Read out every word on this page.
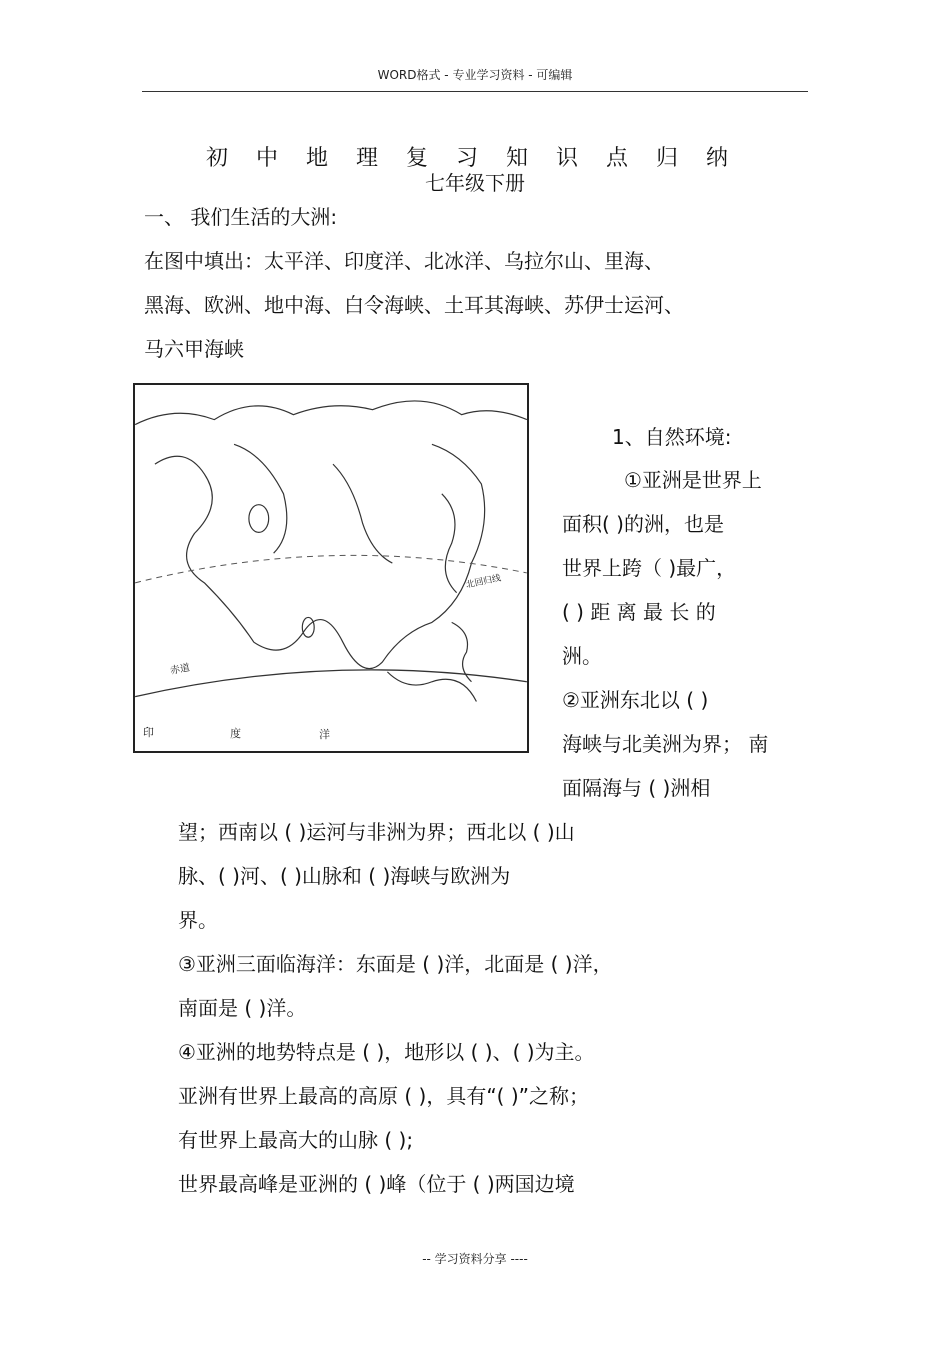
WORD格式 - 专业学习资料 - 可编辑
初中地理复习知识点归纳
七年级下册
一、 我们生活的大洲:
在图中填出：太平洋、印度洋、北冰洋、乌拉尔山、里海、
黑海、欧洲、地中海、白令海峡、土耳其海峡、苏伊士运河、
马六甲海峡
赤道
北回归线
印	度	洋
1、自然环境:
①亚洲是世界上
面积( )的洲，也是
世界上跨（ )最广，
( ) 距 离 最 长 的
洲。
②亚洲东北以 ( )
海峡与北美洲为界； 南
面隔海与 ( )洲相
望；西南以 ( )运河与非洲为界；西北以 ( )山
脉、( )河、( )山脉和 ( )海峡与欧洲为
界。
③亚洲三面临海洋：东面是 ( )洋，北面是 ( )洋，
南面是 ( )洋。
④亚洲的地势特点是 ( )，地形以 ( )、( )为主。
亚洲有世界上最高的高原 ( )，具有“( )”之称；
有世界上最高大的山脉 ( );
世界最高峰是亚洲的 ( )峰（位于 ( )两国边境
-- 学习资料分享 ----
